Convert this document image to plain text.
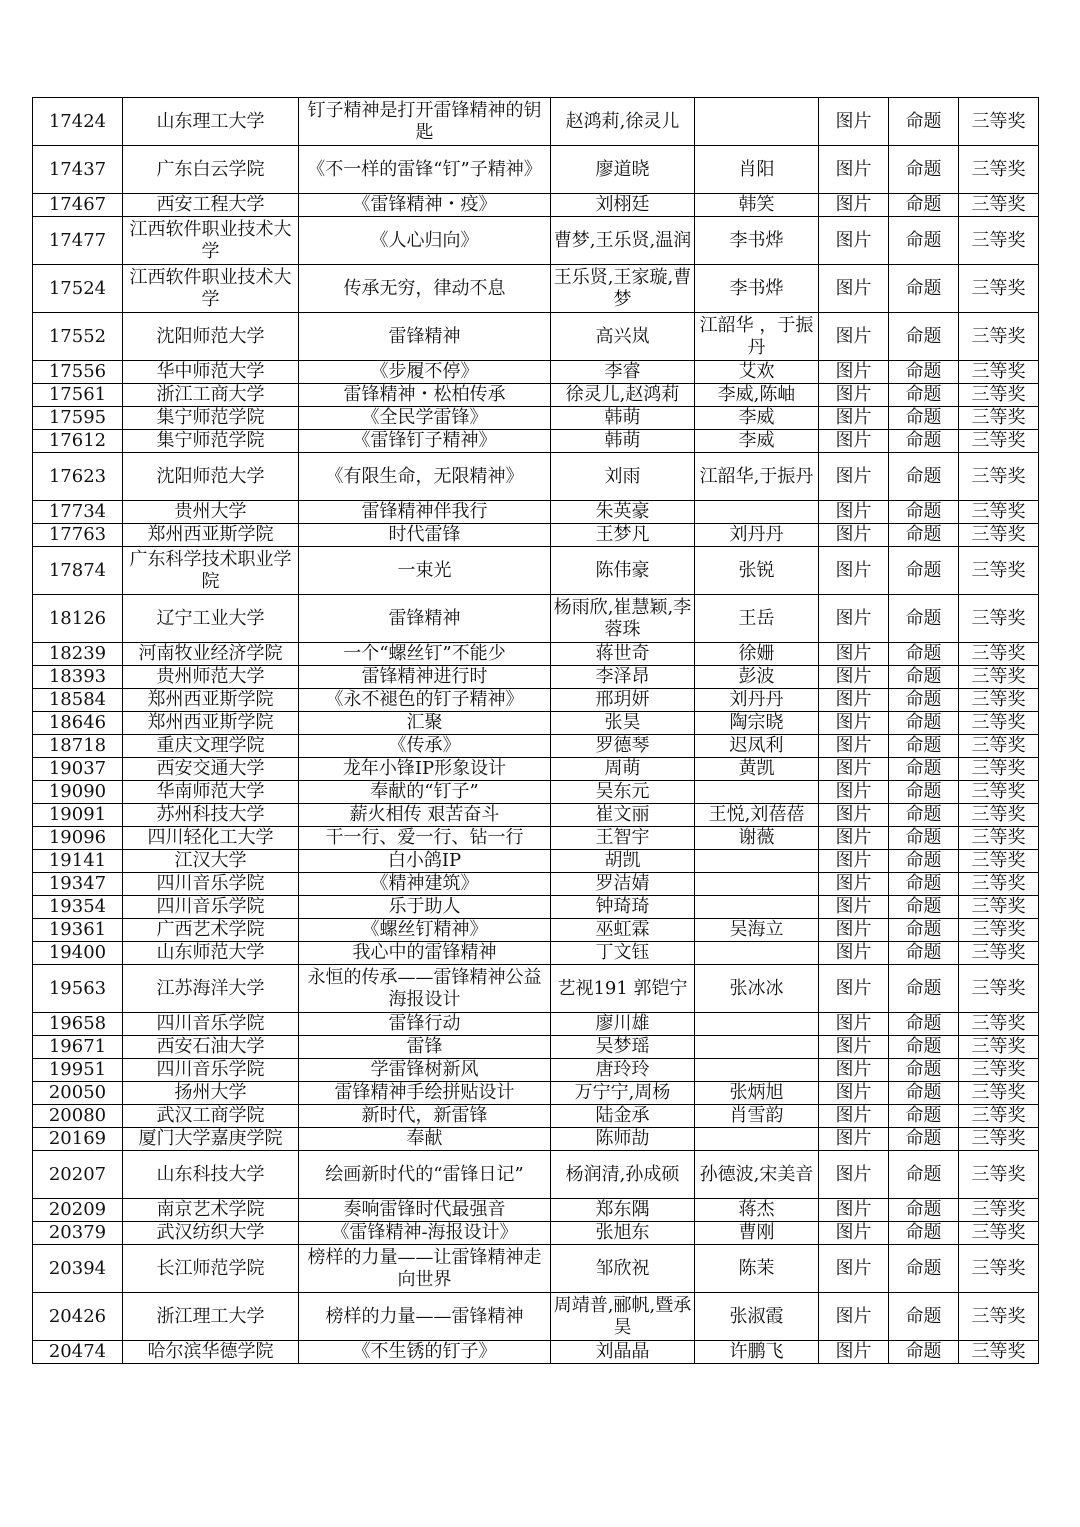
17424	山东理工大学	钉子精神是打开雷锋精神的钥匙	赵鸿莉,徐灵儿		图片	命题	三等奖
17437	广东白云学院	《不一样的雷锋“钉”子精神》	廖道晓	肖阳	图片	命题	三等奖
17467	西安工程大学	《雷锋精神・疫》	刘栩廷	韩笑	图片	命题	三等奖
17477	江西软件职业技术大学	《人心归向》	曹梦,王乐贤,温润	李书烨	图片	命题	三等奖
17524	江西软件职业技术大学	传承无穷，律动不息	王乐贤,王家璇,曹梦	李书烨	图片	命题	三等奖
17552	沈阳师范大学	雷锋精神	高兴岚	江韶华 ，于振丹	图片	命题	三等奖
17556	华中师范大学	《步履不停》	李睿	艾欢	图片	命题	三等奖
17561	浙江工商大学	雷锋精神・松柏传承	徐灵儿,赵鸿莉	李威,陈岫	图片	命题	三等奖
17595	集宁师范学院	《全民学雷锋》	韩萌	李威	图片	命题	三等奖
17612	集宁师范学院	《雷锋钉子精神》	韩萌	李威	图片	命题	三等奖
17623	沈阳师范大学	《有限生命，无限精神》	刘雨	江韶华,于振丹	图片	命题	三等奖
17734	贵州大学	雷锋精神伴我行	朱英豪		图片	命题	三等奖
17763	郑州西亚斯学院	时代雷锋	王梦凡	刘丹丹	图片	命题	三等奖
17874	广东科学技术职业学院	一束光	陈伟豪	张锐	图片	命题	三等奖
18126	辽宁工业大学	雷锋精神	杨雨欣,崔慧颖,李蓉珠	王岳	图片	命题	三等奖
18239	河南牧业经济学院	一个“螺丝钉”不能少	蒋世奇	徐姗	图片	命题	三等奖
18393	贵州师范大学	雷锋精神进行时	李泽昂	彭波	图片	命题	三等奖
18584	郑州西亚斯学院	《永不褪色的钉子精神》	邢玥妍	刘丹丹	图片	命题	三等奖
18646	郑州西亚斯学院	汇聚	张昊	陶宗晓	图片	命题	三等奖
18718	重庆文理学院	《传承》	罗德琴	迟凤利	图片	命题	三等奖
19037	西安交通大学	龙年小锋IP形象设计	周萌	黄凯	图片	命题	三等奖
19090	华南师范大学	奉献的“钉子”	吴东元		图片	命题	三等奖
19091	苏州科技大学	薪火相传 艰苦奋斗	崔文丽	王悦,刘蓓蓓	图片	命题	三等奖
19096	四川轻化工大学	干一行、爱一行、钻一行	王智宇	谢薇	图片	命题	三等奖
19141	江汉大学	白小鸽IP	胡凯		图片	命题	三等奖
19347	四川音乐学院	《精神建筑》	罗洁婧		图片	命题	三等奖
19354	四川音乐学院	乐于助人	钟琦琦		图片	命题	三等奖
19361	广西艺术学院	《螺丝钉精神》	巫虹霖	吴海立	图片	命题	三等奖
19400	山东师范大学	我心中的雷锋精神	丁文钰		图片	命题	三等奖
19563	江苏海洋大学	永恒的传承——雷锋精神公益海报设计	艺视191 郭铠宁	张冰冰	图片	命题	三等奖
19658	四川音乐学院	雷锋行动	廖川雄		图片	命题	三等奖
19671	西安石油大学	雷锋	吴梦瑶		图片	命题	三等奖
19951	四川音乐学院	学雷锋树新风	唐玲玲		图片	命题	三等奖
20050	扬州大学	雷锋精神手绘拼贴设计	万宁宁,周杨	张炳旭	图片	命题	三等奖
20080	武汉工商学院	新时代，新雷锋	陆金承	肖雪韵	图片	命题	三等奖
20169	厦门大学嘉庚学院	奉献	陈师劼		图片	命题	三等奖
20207	山东科技大学	绘画新时代的“雷锋日记”	杨润清,孙成硕	孙德波,宋美音	图片	命题	三等奖
20209	南京艺术学院	奏响雷锋时代最强音	郑东隅	蒋杰	图片	命题	三等奖
20379	武汉纺织大学	《雷锋精神-海报设计》	张旭东	曹刚	图片	命题	三等奖
20394	长江师范学院	榜样的力量——让雷锋精神走向世界	邹欣祝	陈茉	图片	命题	三等奖
20426	浙江理工大学	榜样的力量——雷锋精神	周靖普,郦帆,暨承昊	张淑霞	图片	命题	三等奖
20474	哈尔滨华德学院	《不生锈的钉子》	刘晶晶	许鹏飞	图片	命题	三等奖
